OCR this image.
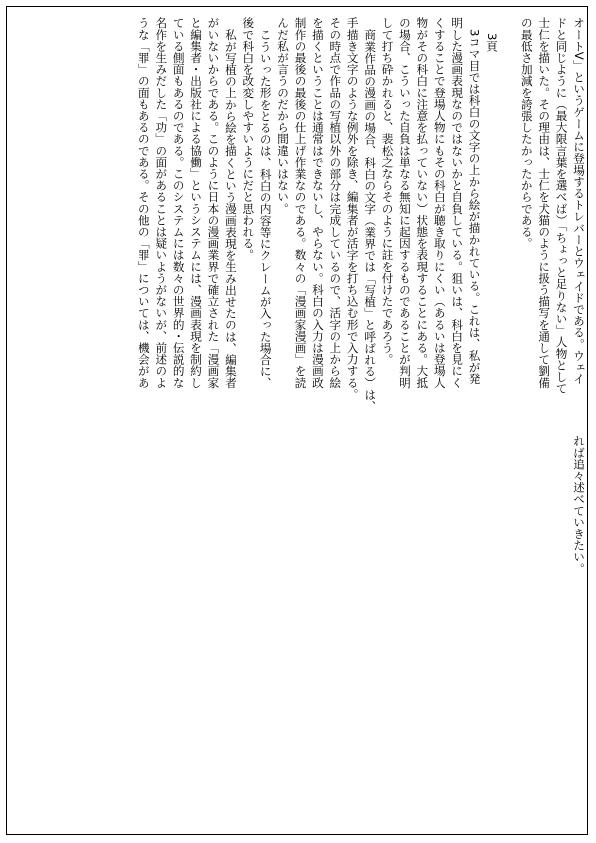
オートV」というゲームに登場するトレバーとウェイドである。ウェイ
ドと同じように（最大限言葉を選べば）「ちょっと足りない」人物として
士仁を描いた。その理由は、士仁を犬猫のように扱う描写を通して劉備
の最低さ加減を誇張したかったからである。

3頁
3コマ目では科白の文字の上から絵が描かれている。これは、私が発
明した漫画表現なのではないかと自負している。狙いは、科白を見にく
くすることで登場人物にもその科白が聴き取りにくい（あるいは登場人
物がその科白に注意を払っていない）状態を表現することにある。大抵
の場合、こういった自負は単なる無知に起因するものであることが判明
して打ち砕かれると、裴松之ならそのように註を付けたであろう。
商業作品の漫画の場合、科白の文字（業界では「写植」と呼ばれる）は、
手描き文字のような例外を除き、編集者が活字を打ち込む形で入力する。
その時点で作品の写植以外の部分は完成しているので、活字の上から絵
を描くということは通常はできないし、やらない。科白の入力は漫画政
制作の最後の最後の仕上げ作業なのである。数々の「漫画家漫画」を読
んだ私が言うのだから間違いはない。
こういった形をとるのは、科白の内容等にクレームが入った場合に、
後で科白を改変しやすいようにだと思われる。
私が写植の上から絵を描くという漫画表現を生み出せたのは、編集者
がいないからである。このように日本の漫画業界で確立された「漫画家
と編集者・出版社による協働」というシステムには、漫画表現を制約し
ている側面もあるのである。このシステムには数々の世界的・伝説的な
名作を生みだした「功」の面があることは疑いようがないが、前述のよ
うな「罪」の面もあるのである。その他の「罪」については、機会があ
れば追々述べていきたい。
